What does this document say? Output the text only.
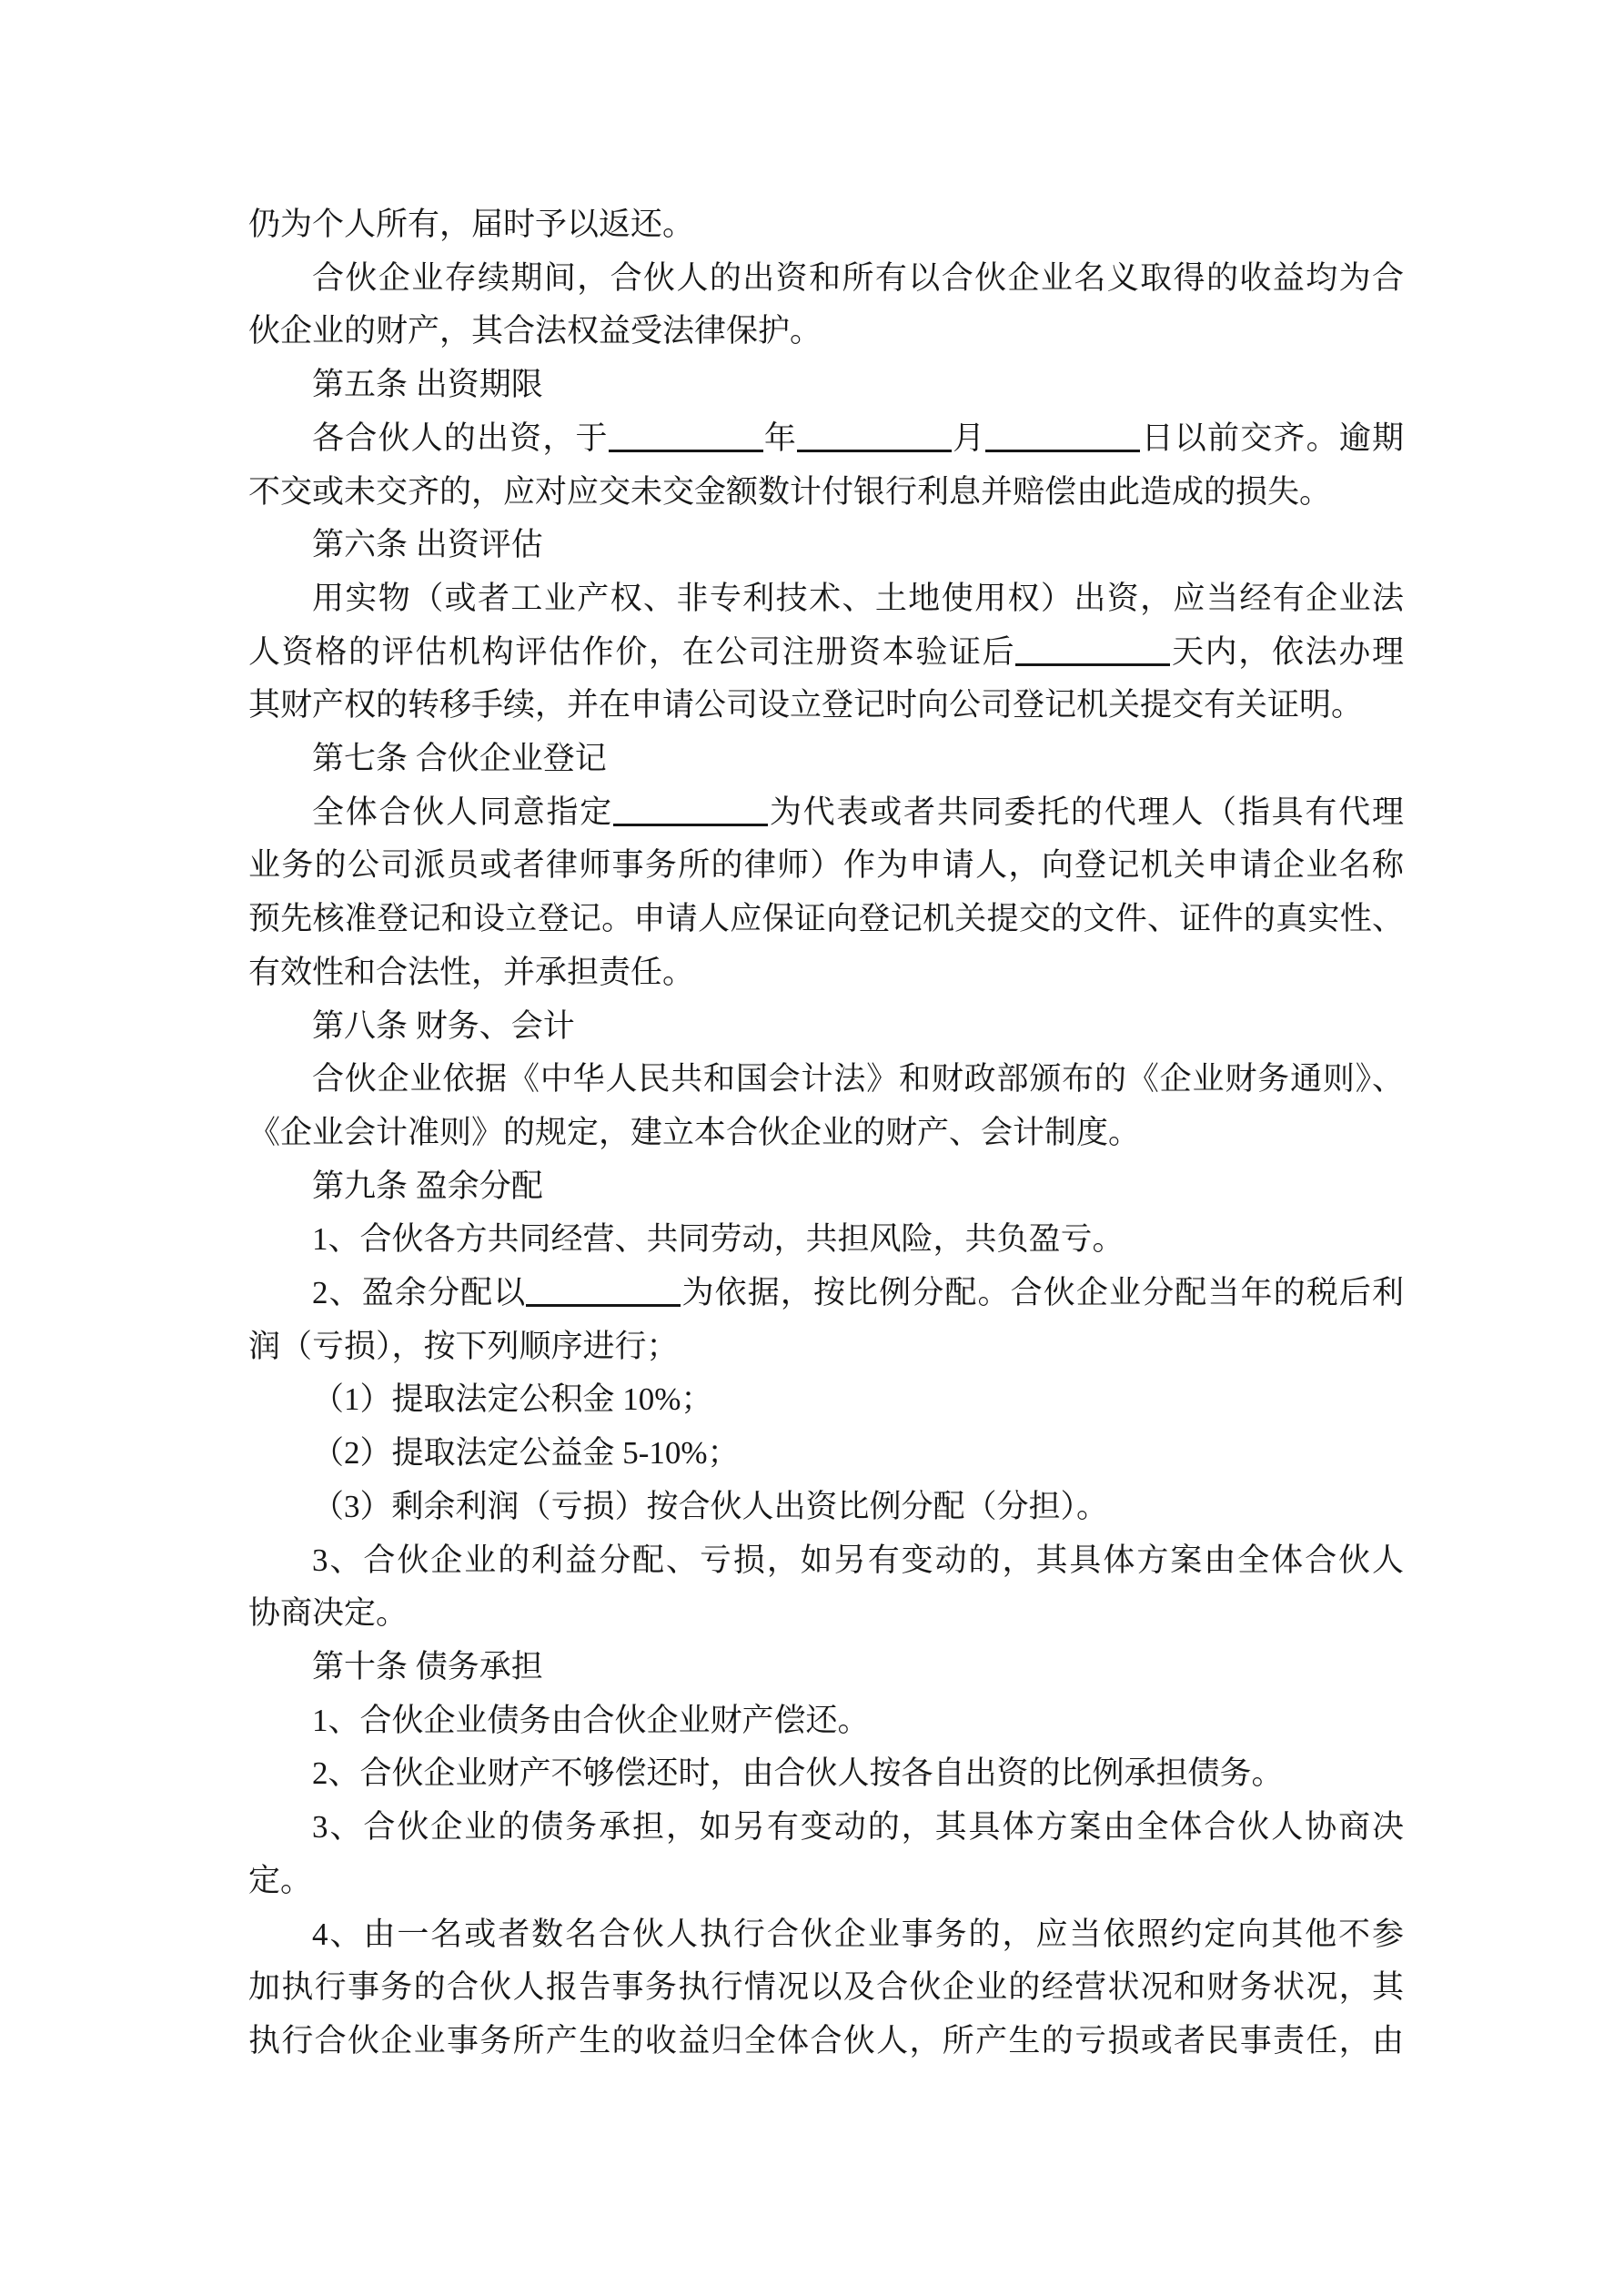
仍为个人所有，届时予以返还。
合伙企业存续期间，合伙人的出资和所有以合伙企业名义取得的收益均为合
伙企业的财产，其合法权益受法律保护。
第五条 出资期限
各合伙人的出资，于	年	月	日以前交齐。逾期
不交或未交齐的，应对应交未交金额数计付银行利息并赔偿由此造成的损失。
第六条 出资评估
用实物（或者工业产权、非专利技术、土地使用权）出资，应当经有企业法
人资格的评估机构评估作价，在公司注册资本验证后	天内，依法办理
其财产权的转移手续，并在申请公司设立登记时向公司登记机关提交有关证明。
第七条 合伙企业登记
全体合伙人同意指定	为代表或者共同委托的代理人（指具有代理
业务的公司派员或者律师事务所的律师）作为申请人，向登记机关申请企业名称
预先核准登记和设立登记。申请人应保证向登记机关提交的文件、证件的真实性、
有效性和合法性，并承担责任。
第八条 财务、会计
合伙企业依据《中华人民共和国会计法》和财政部颁布的《企业财务通则》、
《企业会计准则》的规定，建立本合伙企业的财产、会计制度。
第九条 盈余分配
1、合伙各方共同经营、共同劳动，共担风险，共负盈亏。
2、盈余分配以	为依据，按比例分配。合伙企业分配当年的税后利
润（亏损），按下列顺序进行；
（1）提取法定公积金 10%；
（2）提取法定公益金 5-10%；
（3）剩余利润（亏损）按合伙人出资比例分配（分担）。
3、合伙企业的利益分配、亏损，如另有变动的，其具体方案由全体合伙人
协商决定。
第十条 债务承担
1、合伙企业债务由合伙企业财产偿还。
2、合伙企业财产不够偿还时，由合伙人按各自出资的比例承担债务。
3、合伙企业的债务承担，如另有变动的，其具体方案由全体合伙人协商决
定。
4、由一名或者数名合伙人执行合伙企业事务的，应当依照约定向其他不参
加执行事务的合伙人报告事务执行情况以及合伙企业的经营状况和财务状况，其
执行合伙企业事务所产生的收益归全体合伙人，所产生的亏损或者民事责任，由
